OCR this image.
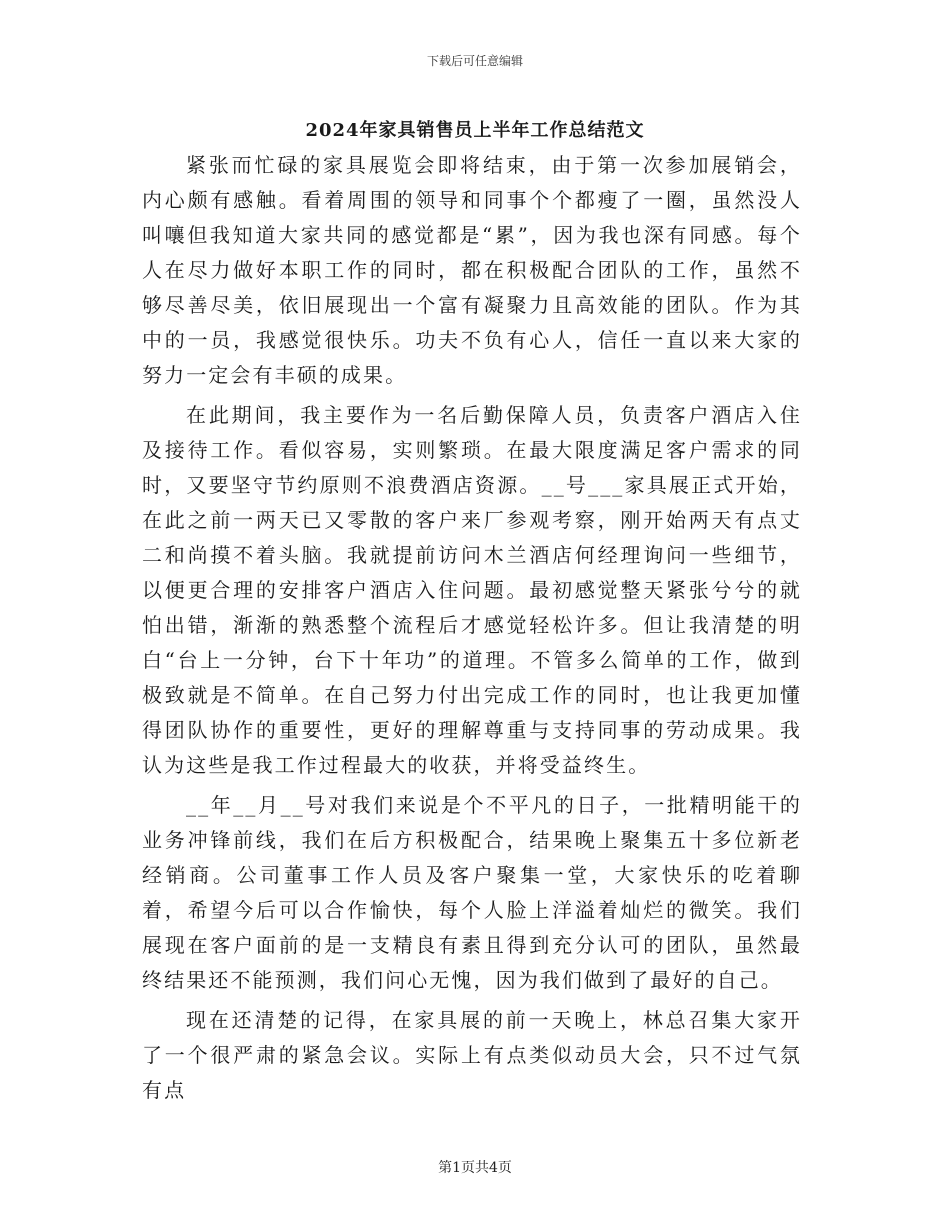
下载后可任意编辑
2024年家具销售员上半年工作总结范文

紧张而忙碌的家具展览会即将结束，由于第一次参加展销会，内心颇有感触。看着周围的领导和同事个个都瘦了一圈，虽然没人叫嚷但我知道大家共同的感觉都是“累”，因为我也深有同感。每个人在尽力做好本职工作的同时，都在积极配合团队的工作，虽然不够尽善尽美，依旧展现出一个富有凝聚力且高效能的团队。作为其中的一员，我感觉很快乐。功夫不负有心人，信任一直以来大家的努力一定会有丰硕的成果。

在此期间，我主要作为一名后勤保障人员，负责客户酒店入住及接待工作。看似容易，实则繁琐。在最大限度满足客户需求的同时，又要坚守节约原则不浪费酒店资源。__号___家具展正式开始，在此之前一两天已又零散的客户来厂参观考察，刚开始两天有点丈二和尚摸不着头脑。我就提前访问木兰酒店何经理询问一些细节，以便更合理的安排客户酒店入住问题。最初感觉整天紧张兮兮的就怕出错，渐渐的熟悉整个流程后才感觉轻松许多。但让我清楚的明白“台上一分钟，台下十年功”的道理。不管多么简单的工作，做到极致就是不简单。在自己努力付出完成工作的同时，也让我更加懂得团队协作的重要性，更好的理解尊重与支持同事的劳动成果。我认为这些是我工作过程最大的收获，并将受益终生。

__年__月__号对我们来说是个不平凡的日子，一批精明能干的业务冲锋前线，我们在后方积极配合，结果晚上聚集五十多位新老经销商。公司董事工作人员及客户聚集一堂，大家快乐的吃着聊着，希望今后可以合作愉快，每个人脸上洋溢着灿烂的微笑。我们展现在客户面前的是一支精良有素且得到充分认可的团队，虽然最终结果还不能预测，我们问心无愧，因为我们做到了最好的自己。

现在还清楚的记得，在家具展的前一天晚上，林总召集大家开了一个很严肃的紧急会议。实际上有点类似动员大会，只不过气氛有点

第1页共4页
